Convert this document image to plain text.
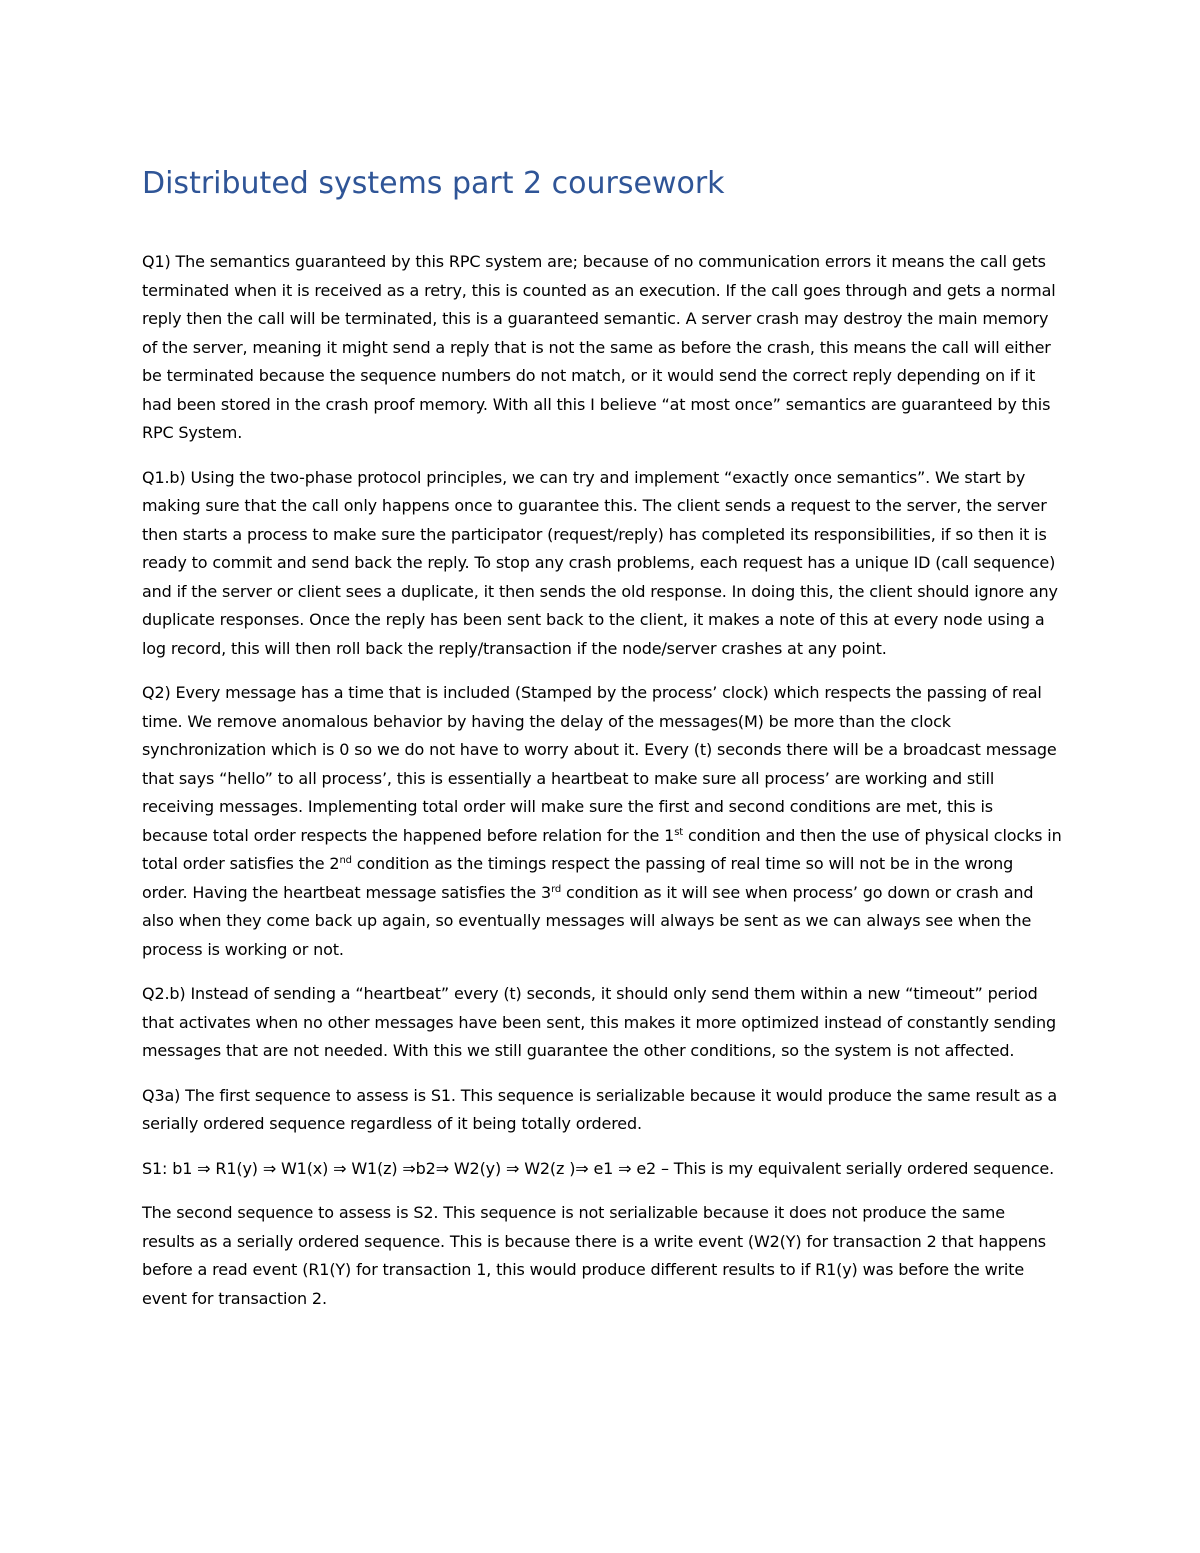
Distributed systems part 2 coursework

Q1) The semantics guaranteed by this RPC system are; because of no communication errors it means the call gets terminated when it is received as a retry, this is counted as an execution. If the call goes through and gets a normal reply then the call will be terminated, this is a guaranteed semantic. A server crash may destroy the main memory of the server, meaning it might send a reply that is not the same as before the crash, this means the call will either be terminated because the sequence numbers do not match, or it would send the correct reply depending on if it had been stored in the crash proof memory. With all this I believe “at most once” semantics are guaranteed by this RPC System.

Q1.b) Using the two-phase protocol principles, we can try and implement “exactly once semantics”. We start by making sure that the call only happens once to guarantee this. The client sends a request to the server, the server then starts a process to make sure the participator (request/reply) has completed its responsibilities, if so then it is ready to commit and send back the reply. To stop any crash problems, each request has a unique ID (call sequence) and if the server or client sees a duplicate, it then sends the old response. In doing this, the client should ignore any duplicate responses. Once the reply has been sent back to the client, it makes a note of this at every node using a log record, this will then roll back the reply/transaction if the node/server crashes at any point.

Q2) Every message has a time that is included (Stamped by the process’ clock) which respects the passing of real time. We remove anomalous behavior by having the delay of the messages(M) be more than the clock synchronization which is 0 so we do not have to worry about it. Every (t) seconds there will be a broadcast message that says “hello” to all process’, this is essentially a heartbeat to make sure all process’ are working and still receiving messages. Implementing total order will make sure the first and second conditions are met, this is because total order respects the happened before relation for the 1st condition and then the use of physical clocks in total order satisfies the 2nd condition as the timings respect the passing of real time so will not be in the wrong order. Having the heartbeat message satisfies the 3rd condition as it will see when process’ go down or crash and also when they come back up again, so eventually messages will always be sent as we can always see when the process is working or not.

Q2.b) Instead of sending a “heartbeat” every (t) seconds, it should only send them within a new “timeout” period that activates when no other messages have been sent, this makes it more optimized instead of constantly sending messages that are not needed. With this we still guarantee the other conditions, so the system is not affected.

Q3a) The first sequence to assess is S1. This sequence is serializable because it would produce the same result as a serially ordered sequence regardless of it being totally ordered.

S1: b1 ⇒ R1(y) ⇒ W1(x) ⇒ W1(z) ⇒b2⇒ W2(y) ⇒ W2(z )⇒ e1 ⇒ e2 – This is my equivalent serially ordered sequence.

The second sequence to assess is S2. This sequence is not serializable because it does not produce the same results as a serially ordered sequence. This is because there is a write event (W2(Y) for transaction 2 that happens before a read event (R1(Y) for transaction 1, this would produce different results to if R1(y) was before the write event for transaction 2.
